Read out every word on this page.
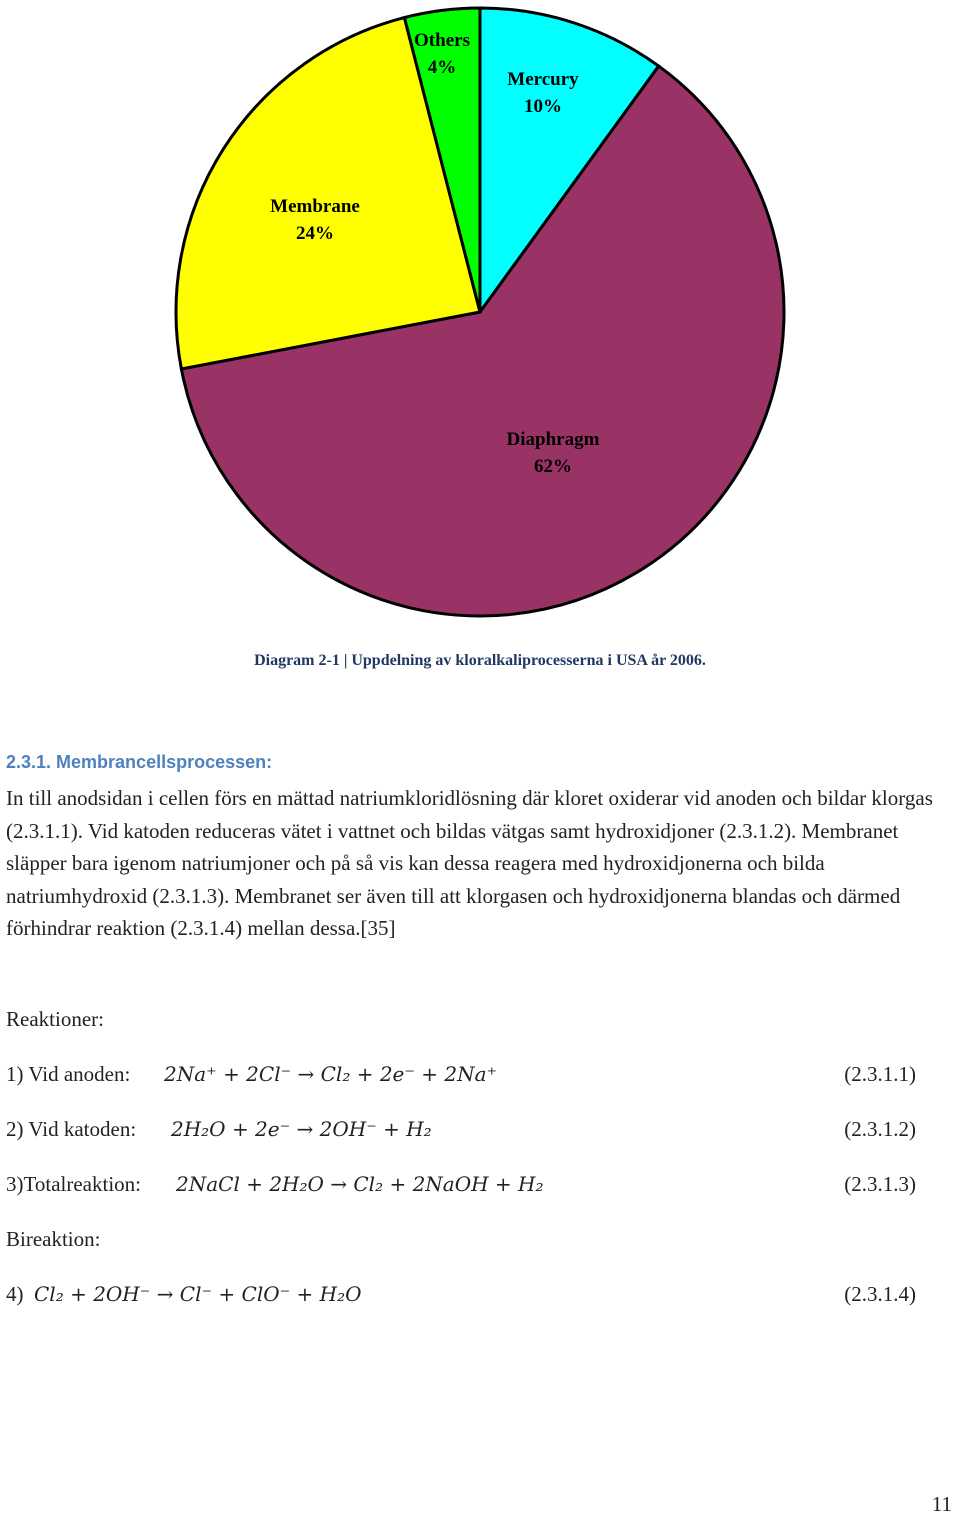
Mercury
10%
Diaphragm
62%
Membrane
24%
Others
4%
Diagram 2-1 | Uppdelning av kloralkaliprocesserna i USA år 2006.
2.3.1. Membrancellsprocessen:
In till anodsidan i cellen förs en mättad natriumkloridlösning där kloret oxiderar vid anoden och bildar klorgas (2.3.1.1). Vid katoden reduceras vätet i vattnet och bildas vätgas samt hydroxidjoner (2.3.1.2). Membranet släpper bara igenom natriumjoner och på så vis kan dessa reagera med hydroxidjonerna och bilda natriumhydroxid (2.3.1.3). Membranet ser även till att klorgasen och hydroxidjonerna blandas och därmed förhindrar reaktion (2.3.1.4) mellan dessa.[35]
Reaktioner:
1) Vid anoden: 2Na⁺ + 2Cl⁻ → Cl₂ + 2e⁻ + 2Na⁺	(2.3.1.1)
2) Vid katoden: 2H₂O + 2e⁻ → 2OH⁻ + H₂	(2.3.1.2)
3)Totalreaktion: 2NaCl + 2H₂O → Cl₂ + 2NaOH + H₂	(2.3.1.3)
Bireaktion:
4) Cl₂ + 2OH⁻ → Cl⁻ + ClO⁻ + H₂O	(2.3.1.4)
11
